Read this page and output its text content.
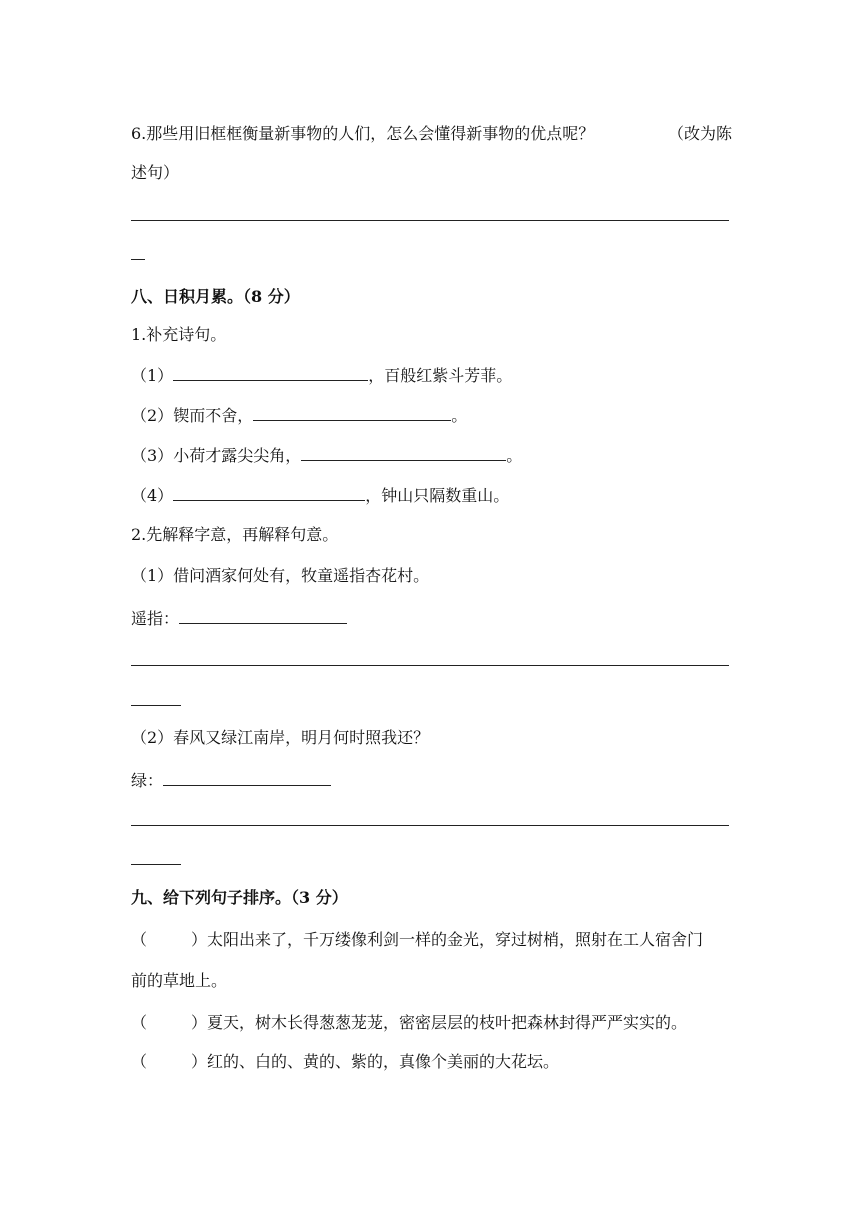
6.那些用旧框框衡量新事物的人们，怎么会懂得新事物的优点呢？	（改为陈
述句）
八、日积月累。（8 分）
1.补充诗句。
（1）	，百般红紫斗芳菲。
（2）锲而不舍，	。
（3）小荷才露尖尖角，	。
（4）	，钟山只隔数重山。
2.先解释字意，再解释句意。
（1）借问酒家何处有，牧童遥指杏花村。
遥指：
（2）春风又绿江南岸，明月何时照我还？
绿：
九、给下列句子排序。（3 分）
（	）太阳出来了，千万缕像利剑一样的金光，穿过树梢，照射在工人宿舍门
前的草地上。
（	）夏天，树木长得葱葱茏茏，密密层层的枝叶把森林封得严严实实的。
（	）红的、白的、黄的、紫的，真像个美丽的大花坛。
